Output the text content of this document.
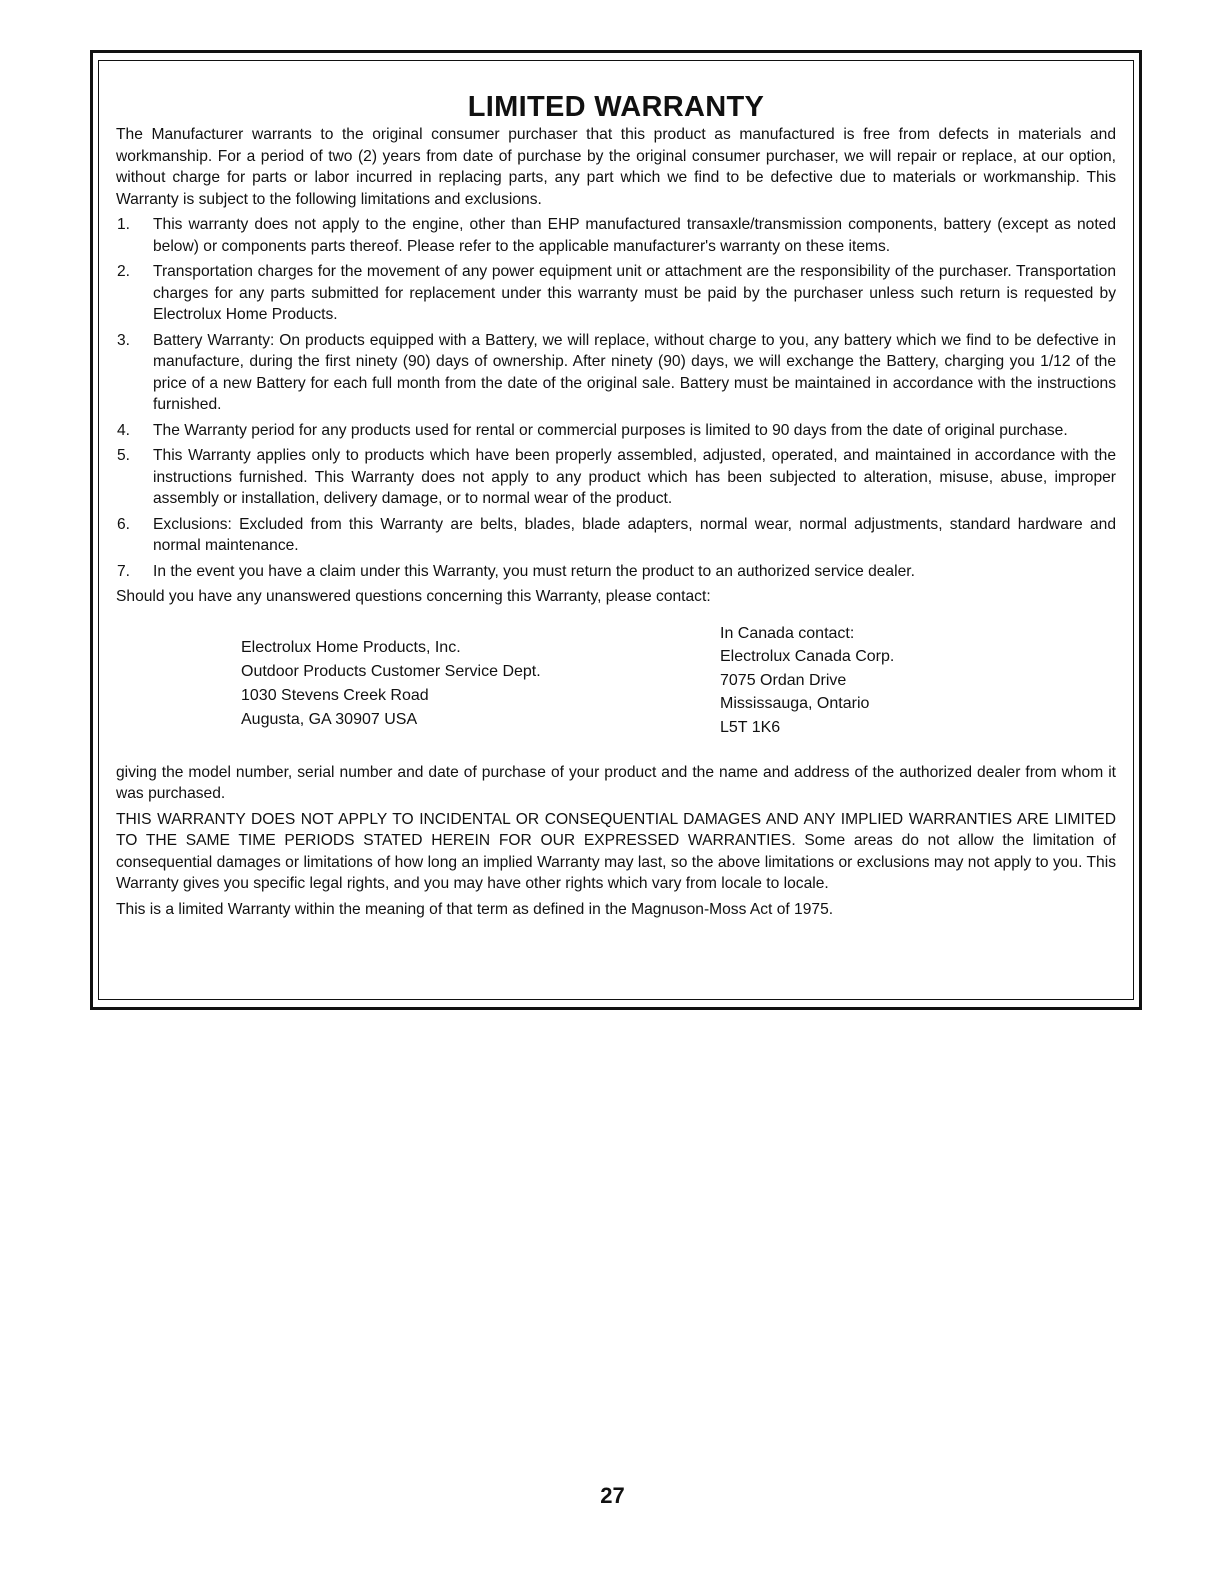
LIMITED WARRANTY

The Manufacturer warrants to the original consumer purchaser that this product as manufactured is free from defects in materials and workmanship. For a period of two (2) years from date of purchase by the original consumer purchaser, we will repair or replace, at our option, without charge for parts or labor incurred in replacing parts, any part which we find to be defective due to materials or workmanship. This Warranty is subject to the following limitations and exclusions.

1. This warranty does not apply to the engine, other than EHP manufactured transaxle/transmission components, battery (except as noted below) or components parts thereof. Please refer to the applicable manufacturer's warranty on these items.
2. Transportation charges for the movement of any power equipment unit or attachment are the responsibility of the purchaser. Transportation charges for any parts submitted for replacement under this warranty must be paid by the purchaser unless such return is requested by Electrolux Home Products.
3. Battery Warranty: On products equipped with a Battery, we will replace, without charge to you, any battery which we find to be defective in manufacture, during the first ninety (90) days of ownership. After ninety (90) days, we will exchange the Battery, charging you 1/12 of the price of a new Battery for each full month from the date of the original sale. Battery must be maintained in accordance with the instructions furnished.
4. The Warranty period for any products used for rental or commercial purposes is limited to 90 days from the date of original purchase.
5. This Warranty applies only to products which have been properly assembled, adjusted, operated, and maintained in accordance with the instructions furnished. This Warranty does not apply to any product which has been subjected to alteration, misuse, abuse, improper assembly or installation, delivery damage, or to normal wear of the product.
6. Exclusions: Excluded from this Warranty are belts, blades, blade adapters, normal wear, normal adjustments, standard hardware and normal maintenance.
7. In the event you have a claim under this Warranty, you must return the product to an authorized service dealer.

Should you have any unanswered questions concerning this Warranty, please contact:

Electrolux Home Products, Inc.
Outdoor Products Customer Service Dept.
1030 Stevens Creek Road
Augusta, GA 30907 USA
In Canada contact:
Electrolux Canada Corp.
7075 Ordan Drive
Mississauga, Ontario
L5T 1K6

giving the model number, serial number and date of purchase of your product and the name and address of the authorized dealer from whom it was purchased.

THIS WARRANTY DOES NOT APPLY TO INCIDENTAL OR CONSEQUENTIAL DAMAGES AND ANY IMPLIED WARRANTIES ARE LIMITED TO THE SAME TIME PERIODS STATED HEREIN FOR OUR EXPRESSED WARRANTIES. Some areas do not allow the limitation of consequential damages or limitations of how long an implied Warranty may last, so the above limitations or exclusions may not apply to you. This Warranty gives you specific legal rights, and you may have other rights which vary from locale to locale.

This is a limited Warranty within the meaning of that term as defined in the Magnuson-Moss Act of 1975.

27
